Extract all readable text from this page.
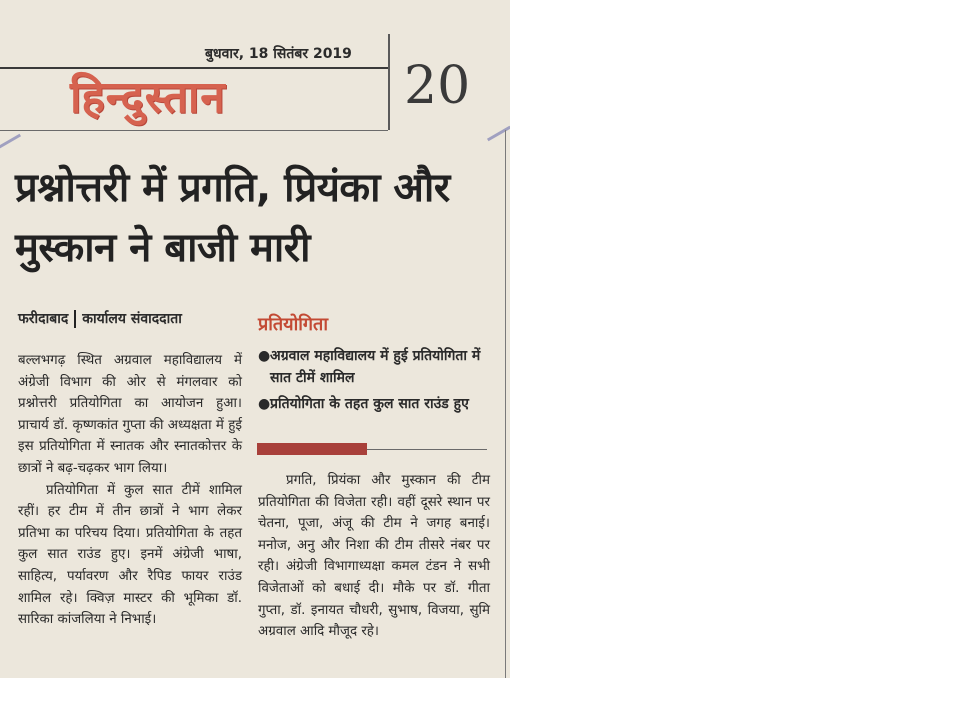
बुधवार, 18 सितंबर 2019
हिन्दुस्तान	20
प्रश्नोत्तरी में प्रगति, प्रियंका और मुस्कान ने बाजी मारी
फरीदाबाद कार्यालय संवाददाता

बल्लभगढ़ स्थित अग्रवाल महाविद्यालय में अंग्रेजी विभाग की ओर से मंगलवार को प्रश्नोत्तरी प्रतियोगिता का आयोजन हुआ। प्राचार्य डॉ. कृष्णकांत गुप्ता की अध्यक्षता में हुई इस प्रतियोगिता में स्नातक और स्नातकोत्तर के छात्रों ने बढ़-चढ़कर भाग लिया।

प्रतियोगिता में कुल सात टीमें शामिल रहीं। हर टीम में तीन छात्रों ने भाग लेकर प्रतिभा का परिचय दिया। प्रतियोगिता के तहत कुल सात राउंड हुए। इनमें अंग्रेजी भाषा, साहित्य, पर्यावरण और रैपिड फायर राउंड शामिल रहे। क्विज़ मास्टर की भूमिका डॉ. सारिका कांजलिया ने निभाई।

प्रतियोगिता
● अग्रवाल महाविद्यालय में हुई प्रतियोगिता में सात टीमें शामिल
● प्रतियोगिता के तहत कुल सात राउंड हुए

प्रगति, प्रियंका और मुस्कान की टीम प्रतियोगिता की विजेता रही। वहीं दूसरे स्थान पर चेतना, पूजा, अंजू की टीम ने जगह बनाई। मनोज, अनु और निशा की टीम तीसरे नंबर पर रही। अंग्रेजी विभागाध्यक्षा कमल टंडन ने सभी विजेताओं को बधाई दी। मौके पर डॉ. गीता गुप्ता, डॉ. इनायत चौधरी, सुभाष, विजया, सुमि अग्रवाल आदि मौजूद रहे।
